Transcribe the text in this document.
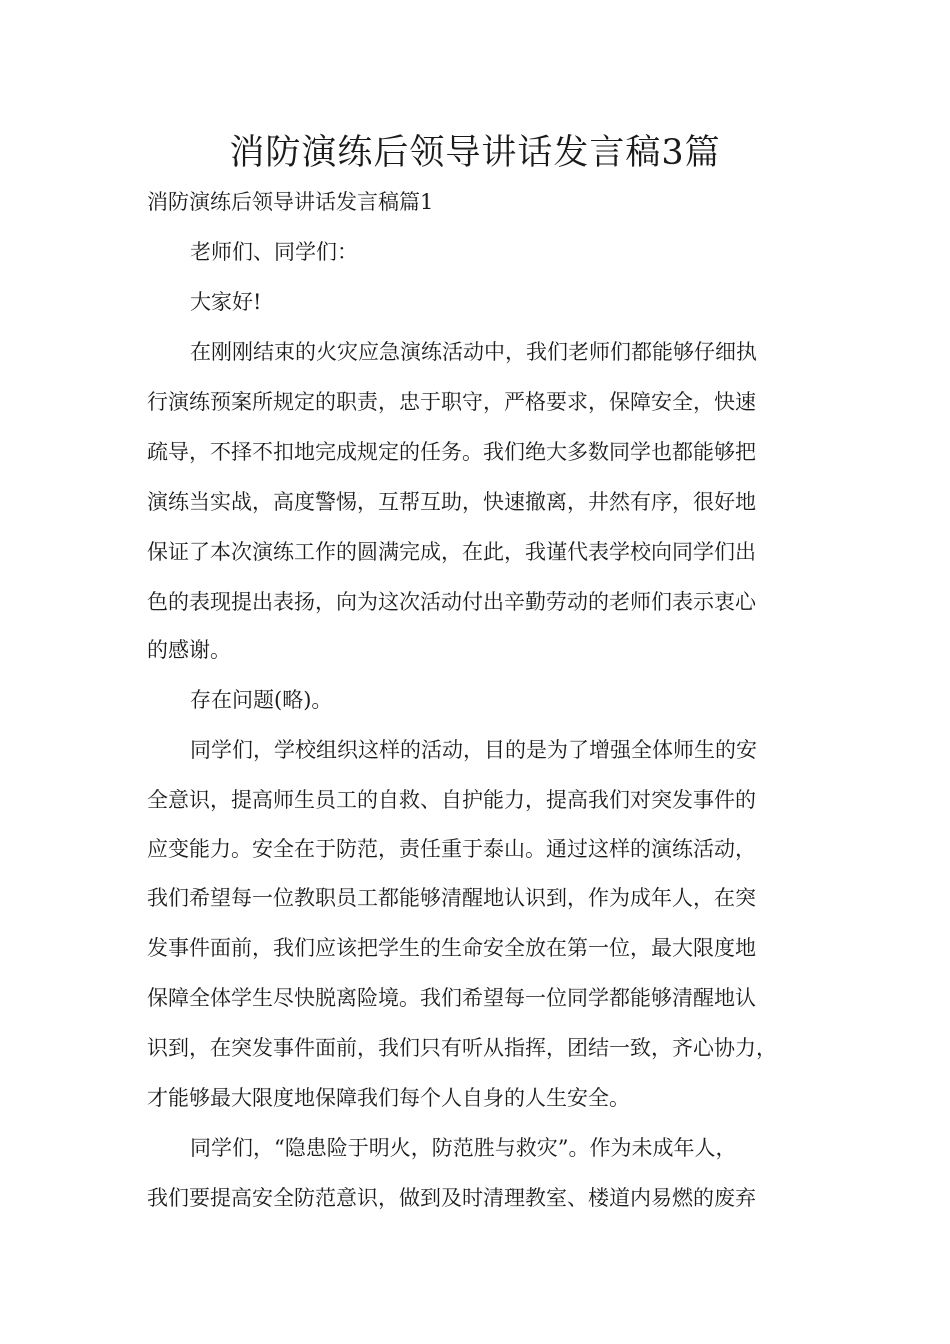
消防演练后领导讲话发言稿3篇
消防演练后领导讲话发言稿篇1
老师们、同学们：
大家好!
在刚刚结束的火灾应急演练活动中，我们老师们都能够仔细执
行演练预案所规定的职责，忠于职守，严格要求，保障安全，快速
疏导，不择不扣地完成规定的任务。我们绝大多数同学也都能够把
演练当实战，高度警惕，互帮互助，快速撤离，井然有序，很好地
保证了本次演练工作的圆满完成，在此，我谨代表学校向同学们出
色的表现提出表扬，向为这次活动付出辛勤劳动的老师们表示衷心
的感谢。
存在问题(略)。
同学们，学校组织这样的活动，目的是为了增强全体师生的安
全意识，提高师生员工的自救、自护能力，提高我们对突发事件的
应变能力。安全在于防范，责任重于泰山。通过这样的演练活动，
我们希望每一位教职员工都能够清醒地认识到，作为成年人，在突
发事件面前，我们应该把学生的生命安全放在第一位，最大限度地
保障全体学生尽快脱离险境。我们希望每一位同学都能够清醒地认
识到，在突发事件面前，我们只有听从指挥，团结一致，齐心协力，
才能够最大限度地保障我们每个人自身的人生安全。
同学们，“隐患险于明火，防范胜与救灾”。作为未成年人，
我们要提高安全防范意识，做到及时清理教室、楼道内易燃的废弃
